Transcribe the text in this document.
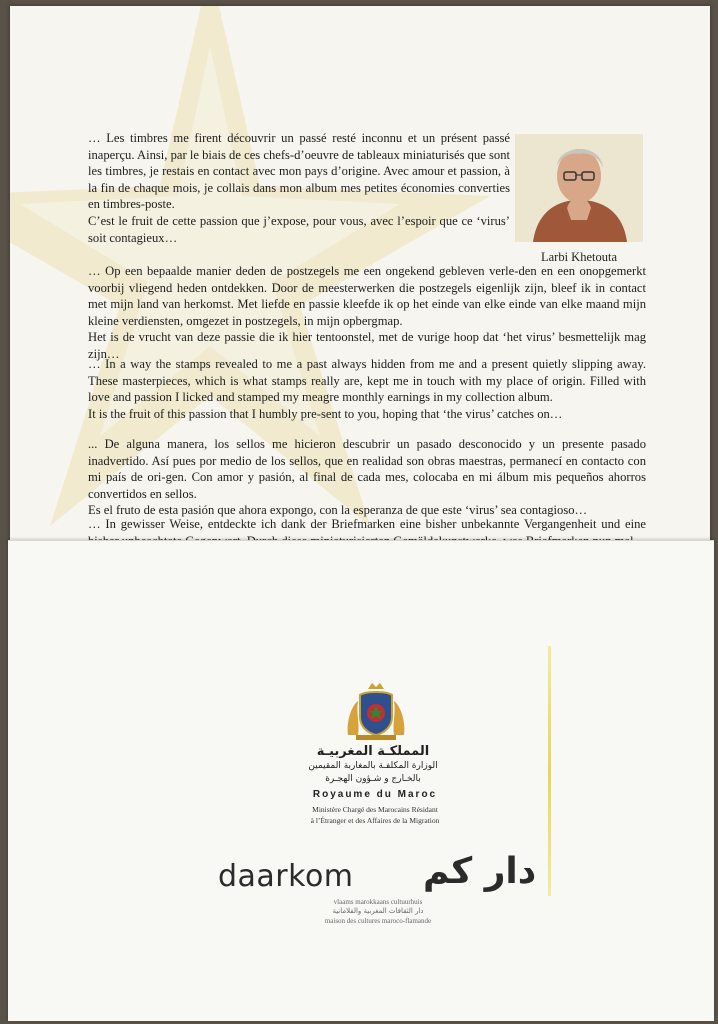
Larbi Khetouta

… Les timbres me firent découvrir un passé resté inconnu et un présent passé inaperçu. Ainsi, par le biais de ces chefs-d’oeuvre de tableaux miniaturisés que sont les timbres, je restais en contact avec mon pays d’origine. Avec amour et passion, à la fin de chaque mois, je collais dans mon album mes petites économies converties en timbres-poste.

C’est le fruit de cette passion que j’expose, pour vous, avec l’espoir que ce ‘virus’ soit contagieux…

… Op een bepaalde manier deden de postzegels me een ongekend gebleven verle-den en een onopgemerkt voorbij vliegend heden ontdekken. Door de meesterwerken die postzegels eigenlijk zijn, bleef ik in contact met mijn land van herkomst. Met liefde en passie kleefde ik op het einde van elke einde van elke maand mijn kleine verdiensten, omgezet in postzegels, in mijn opbergmap.

Het is de vrucht van deze passie die ik hier tentoonstel, met de vurige hoop dat ‘het virus’ besmettelijk mag zijn…

… In a way the stamps revealed to me a past always hidden from me and a present quietly slipping away. These masterpieces, which is what stamps really are, kept me in touch with my place of origin. Filled with love and passion I licked and stamped my meagre monthly earnings in my collection album.

It is the fruit of this passion that I humbly pre-sent to you, hoping that ‘the virus’ catches on…

... De alguna manera, los sellos me hicieron descubrir un pasado desconocido y un presente pasado inadvertido. Así pues por medio de los sellos, que en realidad son obras maestras, permanecí en contacto con mi país de ori-gen. Con amor y pasión, al final de cada mes, colocaba en mi álbum mis pequeños ahorros convertidos en sellos.

Es el fruto de esta pasión que ahora expongo, con la esperanza de que este ‘virus’ sea contagioso…

… In gewisser Weise, entdeckte ich dank der Briefmarken eine bisher unbekannte Vergangenheit und eine

المملكـة المغربيـة
الوزارة المكلفـة بالمغاربة المقيمين
بالخـارج و شـؤون الهجـرة
Royaume du Maroc
Ministère Chargé des Marocains Résidant
à l’Étranger et des Affaires de la Migration
daarkom دار كم
vlaams marokkaans cultuurhuis
دار الثقافات المغربية والفلامانية
maison des cultures maroco-flamande
